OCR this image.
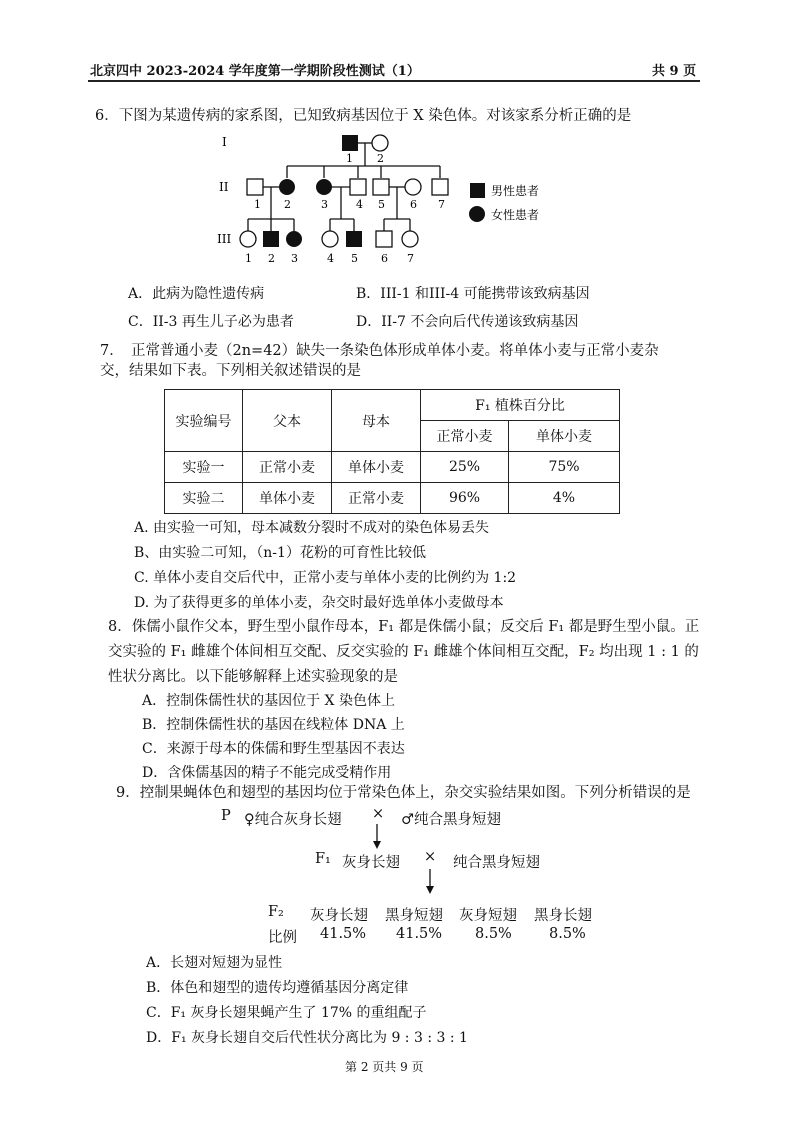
北京四中 2023-2024 学年度第一学期阶段性测试（1）	共 9 页
6．下图为某遗传病的家系图，已知致病基因位于 X 染色体。对该家系分析正确的是
I
II
III
男性患者
女性患者
1 2
1 2	3	4 5 6 7
1 2 3	4 5 6 7
A．此病为隐性遗传病	B．III-1 和III-4 可能携带该致病基因
C．II-3 再生儿子必为患者	D．II-7 不会向后代传递该致病基因
7．　正常普通小麦（2n=42）缺失一条染色体形成单体小麦。将单体小麦与正常小麦杂
交，结果如下表。下列相关叙述错误的是
实验编号	父本	母本	F₁ 植株百分比	
			正常小麦	单体小麦
实验一	正常小麦	单体小麦	25%	75%
实验二	单体小麦	正常小麦	96%	4%
A. 由实验一可知，母本减数分裂时不成对的染色体易丢失
B、由实验二可知，（n-1）花粉的可育性比较低
C. 单体小麦自交后代中，正常小麦与单体小麦的比例约为 1:2
D. 为了获得更多的单体小麦，杂交时最好选单体小麦做母本
8．侏儒小鼠作父本，野生型小鼠作母本，F₁ 都是侏儒小鼠；反交后 F₁ 都是野生型小鼠。正
交实验的 F₁ 雌雄个体间相互交配、反交实验的 F₁ 雌雄个体间相互交配，F₂ 均出现 1 : 1 的
性状分离比。以下能够解释上述实验现象的是
A．控制侏儒性状的基因位于 X 染色体上
B．控制侏儒性状的基因在线粒体 DNA 上
C．来源于母本的侏儒和野生型基因不表达
D．含侏儒基因的精子不能完成受精作用
9．控制果蝇体色和翅型的基因均位于常染色体上，杂交实验结果如图。下列分析错误的是
P ♀纯合灰身长翅 × ♂纯合黑身短翅
F₁ 灰身长翅 × 纯合黑身短翅
F₂ 灰身长翅 黑身短翅 灰身短翅 黑身长翅
比例 41.5% 41.5% 8.5%	8.5%
A．长翅对短翅为显性
B．体色和翅型的遗传均遵循基因分离定律
C．F₁ 灰身长翅果蝇产生了 17% 的重组配子
D．F₁ 灰身长翅自交后代性状分离比为 9 : 3 : 3 : 1
第 2 页共 9 页
